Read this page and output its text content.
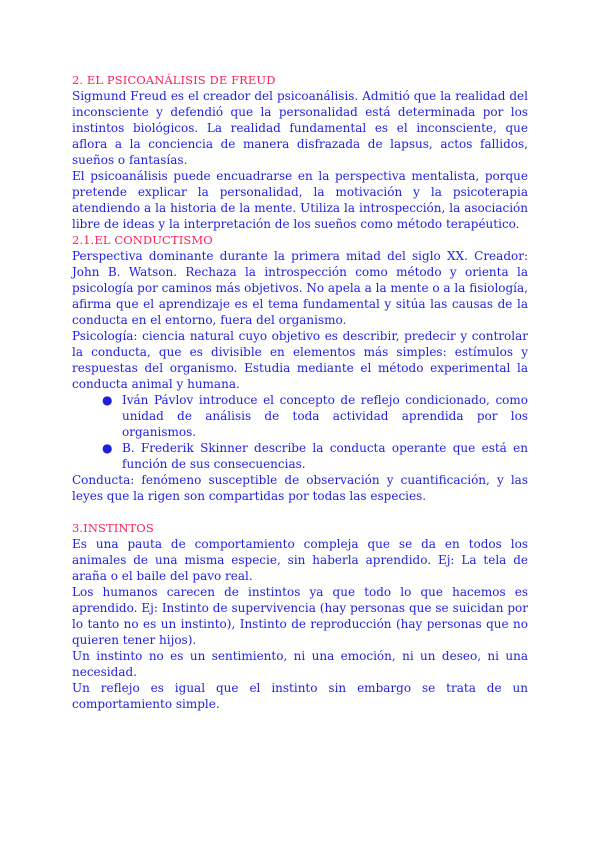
2. EL PSICOANÁLISIS DE FREUD

Sigmund Freud es el creador del psicoanálisis. Admitió que la realidad del inconsciente y defendió que la personalidad está determinada por los instintos biológicos. La realidad fundamental es el inconsciente, que aflora a la conciencia de manera disfrazada de lapsus, actos fallidos, sueños o fantasías.

El psicoanálisis puede encuadrarse en la perspectiva mentalista, porque pretende explicar la personalidad, la motivación y la psicoterapia atendiendo a la historia de la mente. Utiliza la introspección, la asociación libre de ideas y la interpretación de los sueños como método terapéutico.

2.1.EL CONDUCTISMO

Perspectiva dominante durante la primera mitad del siglo XX. Creador: John B. Watson. Rechaza la introspección como método y orienta la psicología por caminos más objetivos. No apela a la mente o a la fisiología, afirma que el aprendizaje es el tema fundamental y sitúa las causas de la conducta en el entorno, fuera del organismo.

Psicología: ciencia natural cuyo objetivo es describir, predecir y controlar la conducta, que es divisible en elementos más simples: estímulos y respuestas del organismo. Estudia mediante el método experimental la conducta animal y humana.

● Iván Pávlov introduce el concepto de reflejo condicionado, como unidad de análisis de toda actividad aprendida por los organismos.
● B. Frederik Skinner describe la conducta operante que está en función de sus consecuencias.

Conducta: fenómeno susceptible de observación y cuantificación, y las leyes que la rigen son compartidas por todas las especies.

3.INSTINTOS

Es una pauta de comportamiento compleja que se da en todos los animales de una misma especie, sin haberla aprendido. Ej: La tela de araña o el baile del pavo real.

Los humanos carecen de instintos ya que todo lo que hacemos es aprendido. Ej: Instinto de supervivencia (hay personas que se suicidan por lo tanto no es un instinto), Instinto de reproducción (hay personas que no quieren tener hijos).

Un instinto no es un sentimiento, ni una emoción, ni un deseo, ni una necesidad.

Un reflejo es igual que el instinto sin embargo se trata de un comportamiento simple.
